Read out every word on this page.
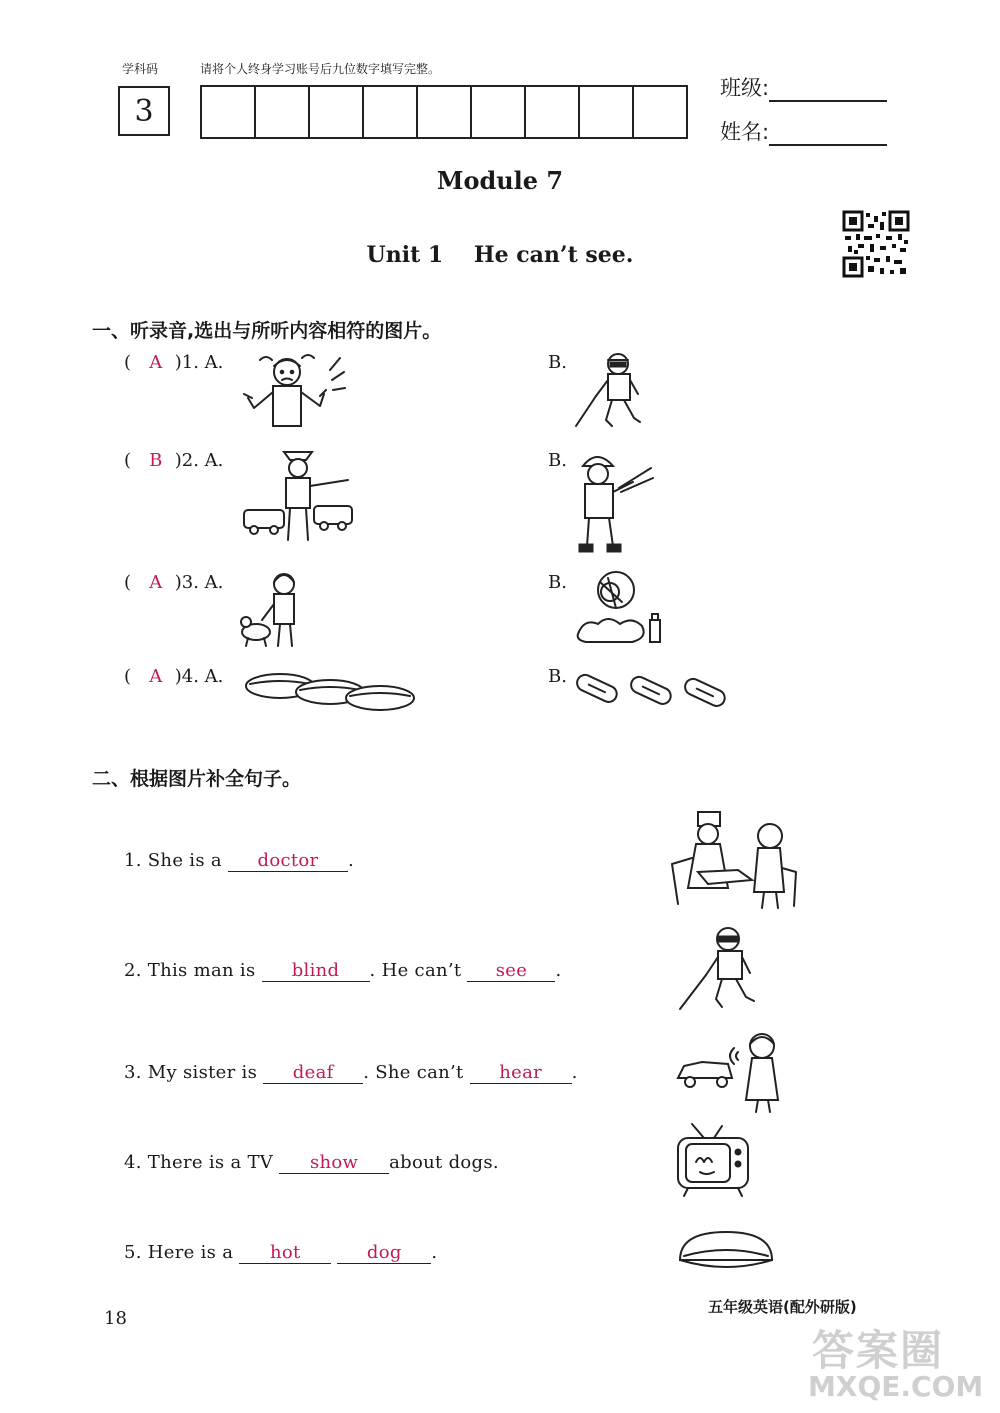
学科码	请将个人终身学习账号后九位数字填写完整。
3
班级:
姓名:
Module 7
Unit 1    He can’t see.
一、听录音,选出与所听内容相符的图片。
( A )1. A.	B.
( B )2. A.	B.
( A )3. A.	B.
( A )4. A.	B.
二、根据图片补全句子。
1. She is a doctor .
2. This man is blind . He can’t see .
3. My sister is deaf . She can’t hear .
4. There is a TV show about dogs.
5. Here is a hot	dog .
18
五年级英语(配外研版)
答案圈
MXQE.COM
